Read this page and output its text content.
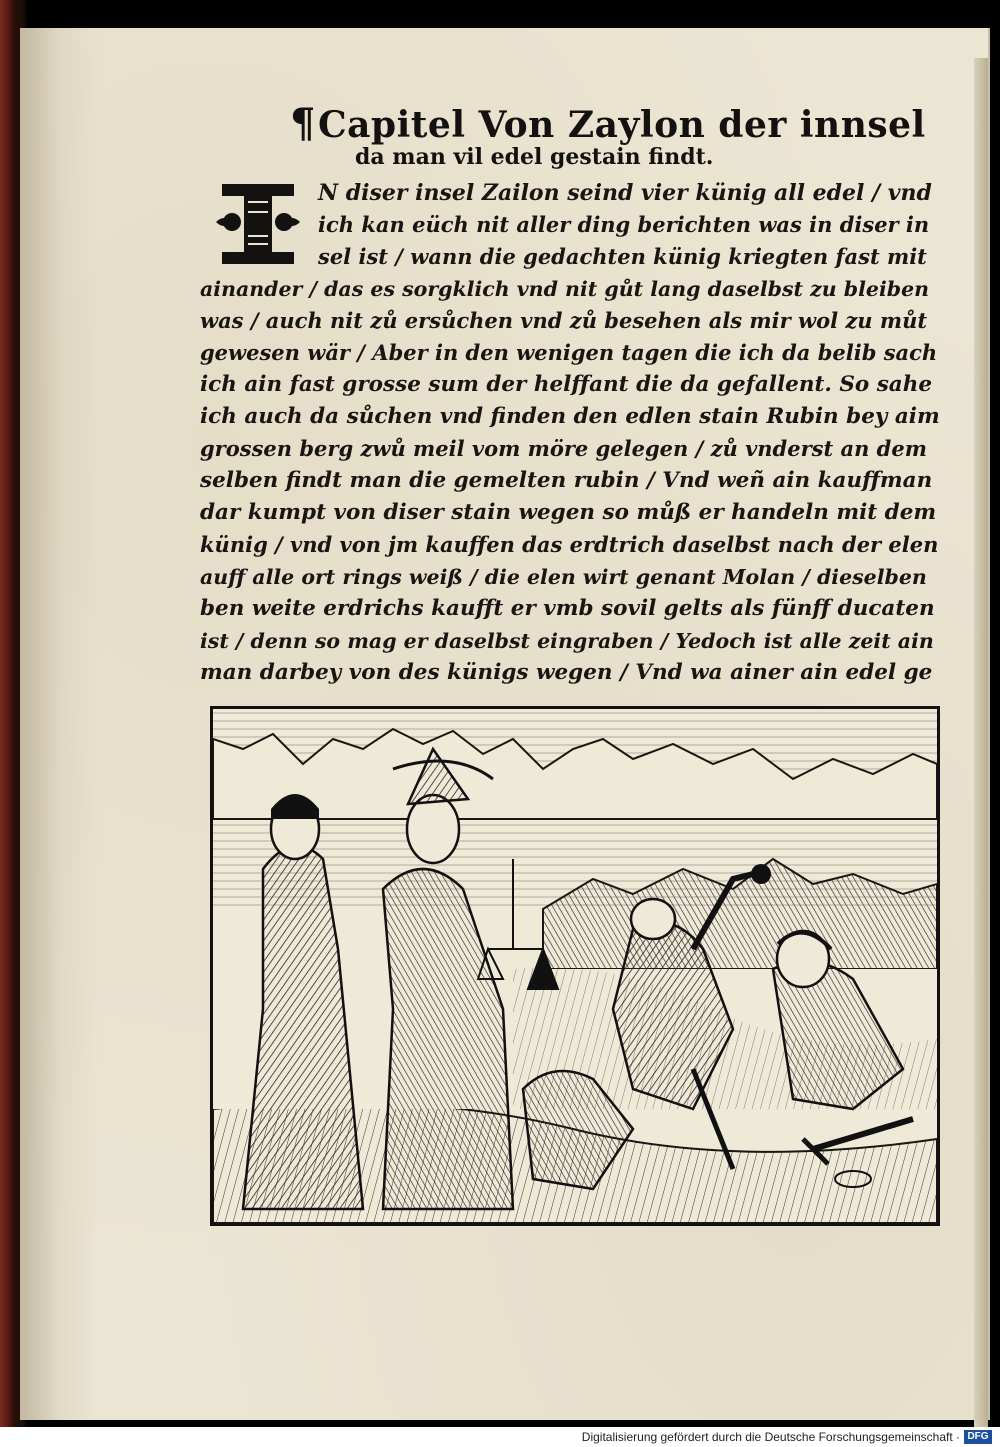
¶Capitel Von Zaylon der innsel
da man vil edel gestain findt.
N diser insel Zailon seind vier künig all edel / vnd
ich kan eüch nit aller ding berichten was in diser in
sel ist / wann die gedachten künig kriegten fast mit
ainander / das es sorgklich vnd nit gůt lang daselbst zu bleiben
was / auch nit zů ersůchen vnd zů besehen als mir wol zu můt
gewesen wär / Aber in den wenigen tagen die ich da belib sach
ich ain fast grosse sum der helffant die da gefallent. So sahe
ich auch da sůchen vnd finden den edlen stain Rubin bey aim
grossen berg zwů meil vom möre gelegen / zů vnderst an dem
selben findt man die gemelten rubin / Vnd weñ ain kauffman
dar kumpt von diser stain wegen so můß er handeln mit dem
künig / vnd von jm kauffen das erdtrich daselbst nach der elen
auff alle ort rings weiß / die elen wirt genant Molan / dieselben
ben weite erdrichs kaufft er vmb sovil gelts als fünff ducaten
ist / denn so mag er daselbst eingraben / Yedoch ist alle zeit ain
man darbey von des künigs wegen / Vnd wa ainer ain edel ge
Digitalisierung gefördert durch die Deutsche Forschungsgemeinschaft · DFG
